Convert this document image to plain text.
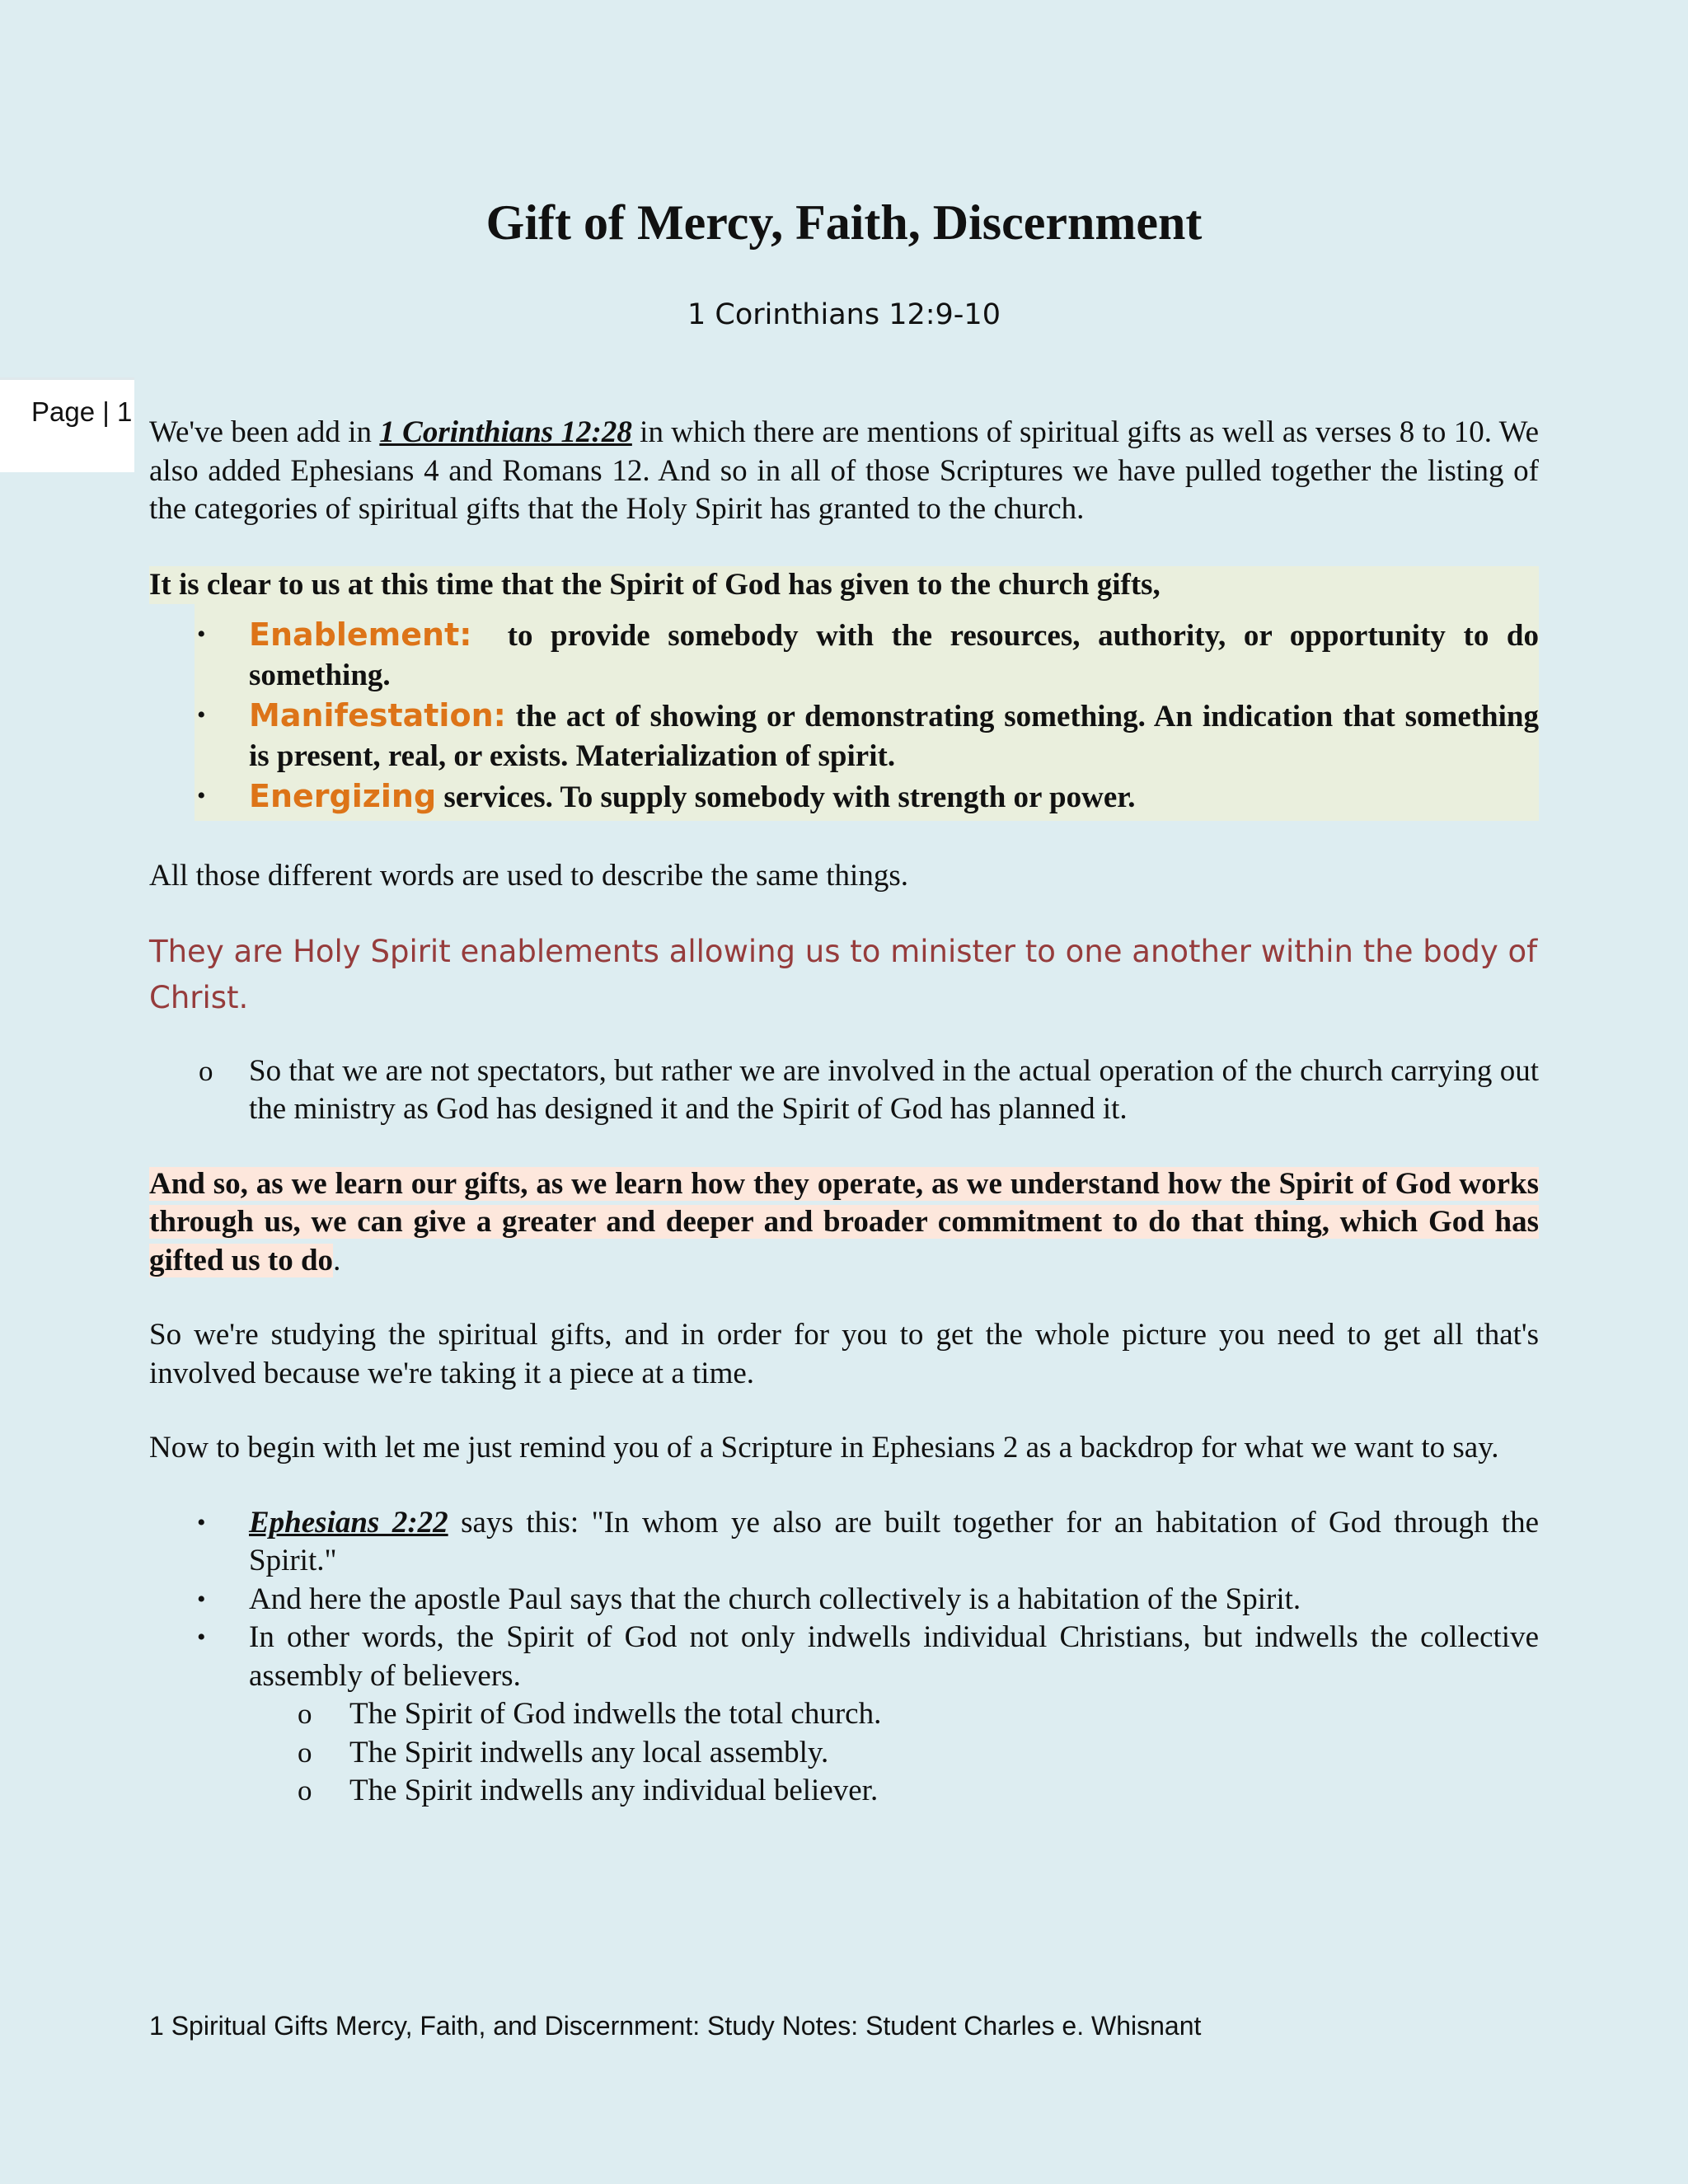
Gift of Mercy, Faith, Discernment
1 Corinthians 12:9-10
Page | 1

We've been add in 1 Corinthians 12:28 in which there are mentions of spiritual gifts as well as verses 8 to 10. We also added Ephesians 4 and Romans 12. And so in all of those Scriptures we have pulled together the listing of the categories of spiritual gifts that the Holy Spirit has granted to the church.

It is clear to us at this time that the Spirit of God has given to the church gifts,

• Enablement: to provide somebody with the resources, authority, or opportunity to do something.
• Manifestation: the act of showing or demonstrating something. An indication that something is present, real, or exists. Materialization of spirit.
• Energizing services. To supply somebody with strength or power.

All those different words are used to describe the same things.

They are Holy Spirit enablements allowing us to minister to one another within the body of Christ.

o So that we are not spectators, but rather we are involved in the actual operation of the church carrying out the ministry as God has designed it and the Spirit of God has planned it.

And so, as we learn our gifts, as we learn how they operate, as we understand how the Spirit of God works through us, we can give a greater and deeper and broader commitment to do that thing, which God has gifted us to do.

So we're studying the spiritual gifts, and in order for you to get the whole picture you need to get all that's involved because we're taking it a piece at a time.

Now to begin with let me just remind you of a Scripture in Ephesians 2 as a backdrop for what we want to say.

• Ephesians 2:22 says this: "In whom ye also are built together for an habitation of God through the Spirit."
• And here the apostle Paul says that the church collectively is a habitation of the Spirit.
• In other words, the Spirit of God not only indwells individual Christians, but indwells the collective assembly of believers.
o The Spirit of God indwells the total church.
o The Spirit indwells any local assembly.
o The Spirit indwells any individual believer.
1 Spiritual Gifts Mercy, Faith, and Discernment: Study Notes: Student Charles e. Whisnant
